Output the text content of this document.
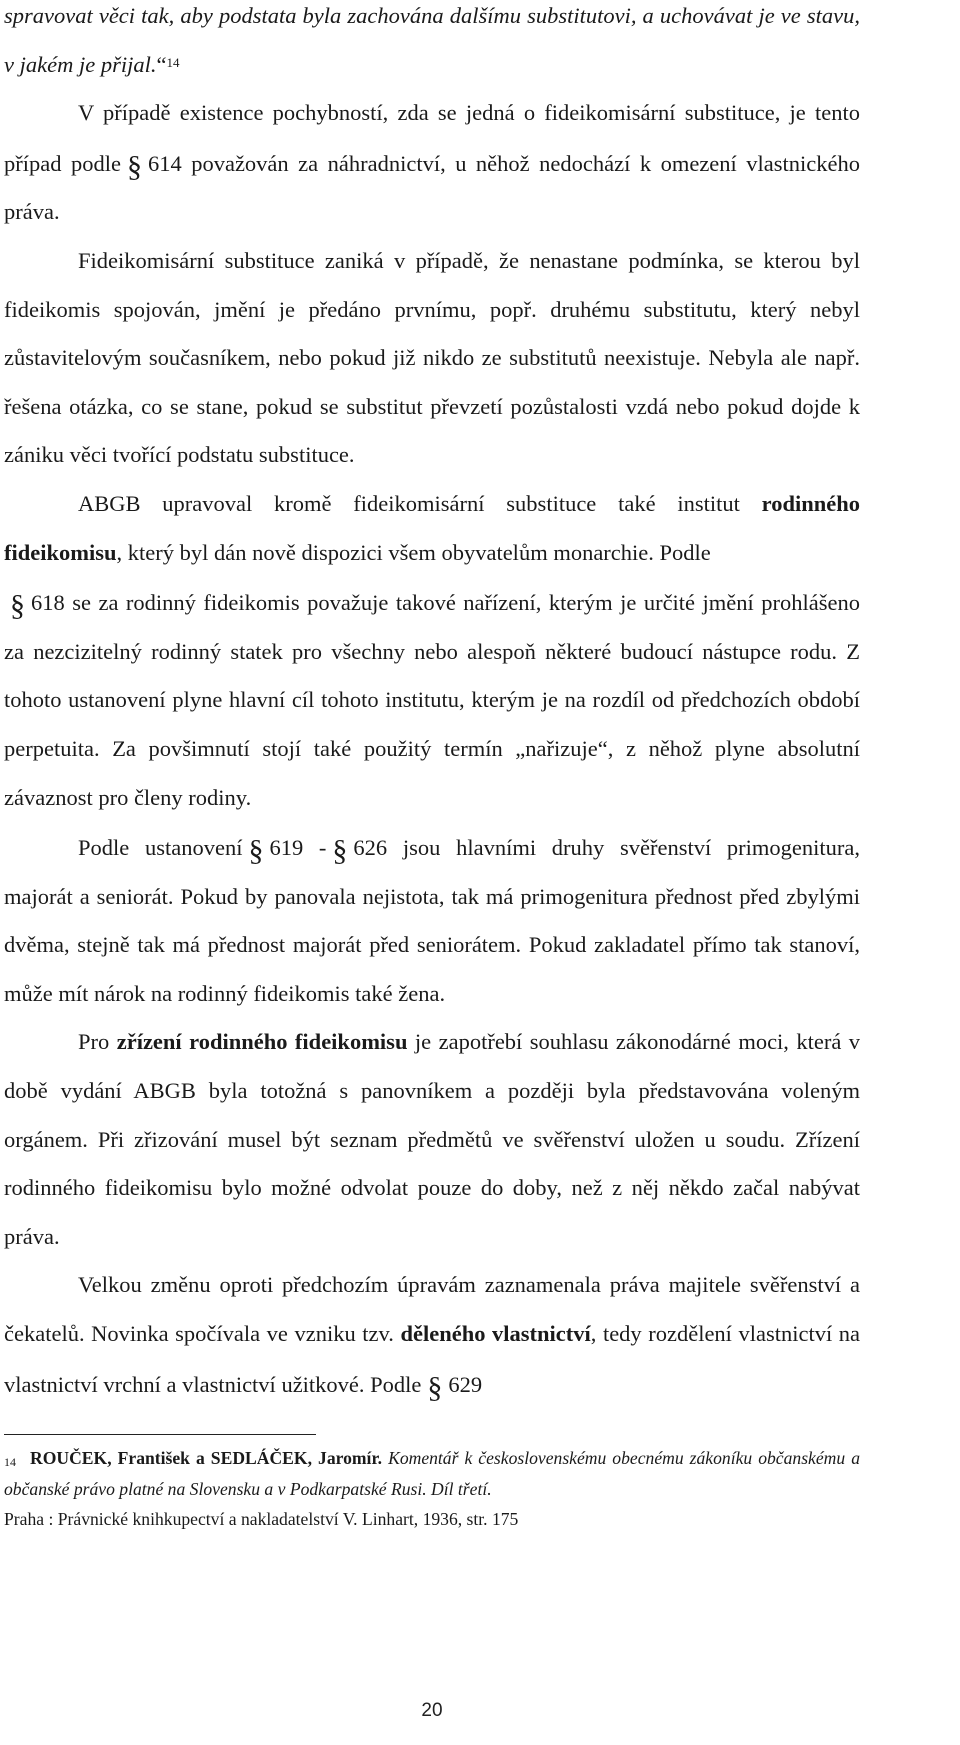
spravovat věci tak, aby podstata byla zachována dalšímu substitutovi, a uchovávat je ve stavu, v jakém je přijal.“$^{14}$

V případě existence pochybností, zda se jedná o fideikomisární substituce, je tento případ podle § 614 považován za náhradnictví, u něhož nedochází k omezení vlastnického práva.

Fideikomisární substituce zaniká v případě, že nenastane podmínka, se kterou byl fideikomis spojován, jmění je předáno prvnímu, popř. druhému substitutu, který nebyl zůstavitelovým současníkem, nebo pokud již nikdo ze substitutů neexistuje. Nebyla ale např. řešena otázka, co se stane, pokud se substitut převzetí pozůstalosti vzdá nebo pokud dojde k zániku věci tvořící podstatu substituce.

ABGB upravoval kromě fideikomisární substituce také institut rodinného fideikomisu, který byl dán nově dispozici všem obyvatelům monarchie. Podle
§ 618 se za rodinný fideikomis považuje takové nařízení, kterým je určité jmění prohlášeno za nezcizitelný rodinný statek pro všechny nebo alespoň některé budoucí nástupce rodu. Z tohoto ustanovení plyne hlavní cíl tohoto institutu, kterým je na rozdíl od předchozích období perpetuita. Za povšimnutí stojí také použitý termín „nařizuje“, z něhož plyne absolutní závaznost pro členy rodiny.

Podle ustanovení § 619 - § 626 jsou hlavními druhy svěřenství primogenitura, majorát a seniorát. Pokud by panovala nejistota, tak má primogenitura přednost před zbylými dvěma, stejně tak má přednost majorát před seniorátem. Pokud zakladatel přímo tak stanoví, může mít nárok na rodinný fideikomis také žena.

Pro zřízení rodinného fideikomisu je zapotřebí souhlasu zákonodárné moci, která v době vydání ABGB byla totožná s panovníkem a později byla představována voleným orgánem. Při zřizování musel být seznam předmětů ve svěřenství uložen u soudu. Zřízení rodinného fideikomisu bylo možné odvolat pouze do doby, než z něj někdo začal nabývat práva.

Velkou změnu oproti předchozím úpravám zaznamenala práva majitele svěřenství a čekatelů. Novinka spočívala ve vzniku tzv. děleného vlastnictví, tedy rozdělení vlastnictví na vlastnictví vrchní a vlastnictví užitkové. Podle § 629

$^{14}$ ROUČEK, František a SEDLÁČEK, Jaromír. Komentář k československému obecnému zákoníku občanskému a občanské právo platné na Slovensku a v Podkarpatské Rusi. Díl třetí.
Praha : Právnické knihkupectví a nakladatelství V. Linhart, 1936, str. 175

20
